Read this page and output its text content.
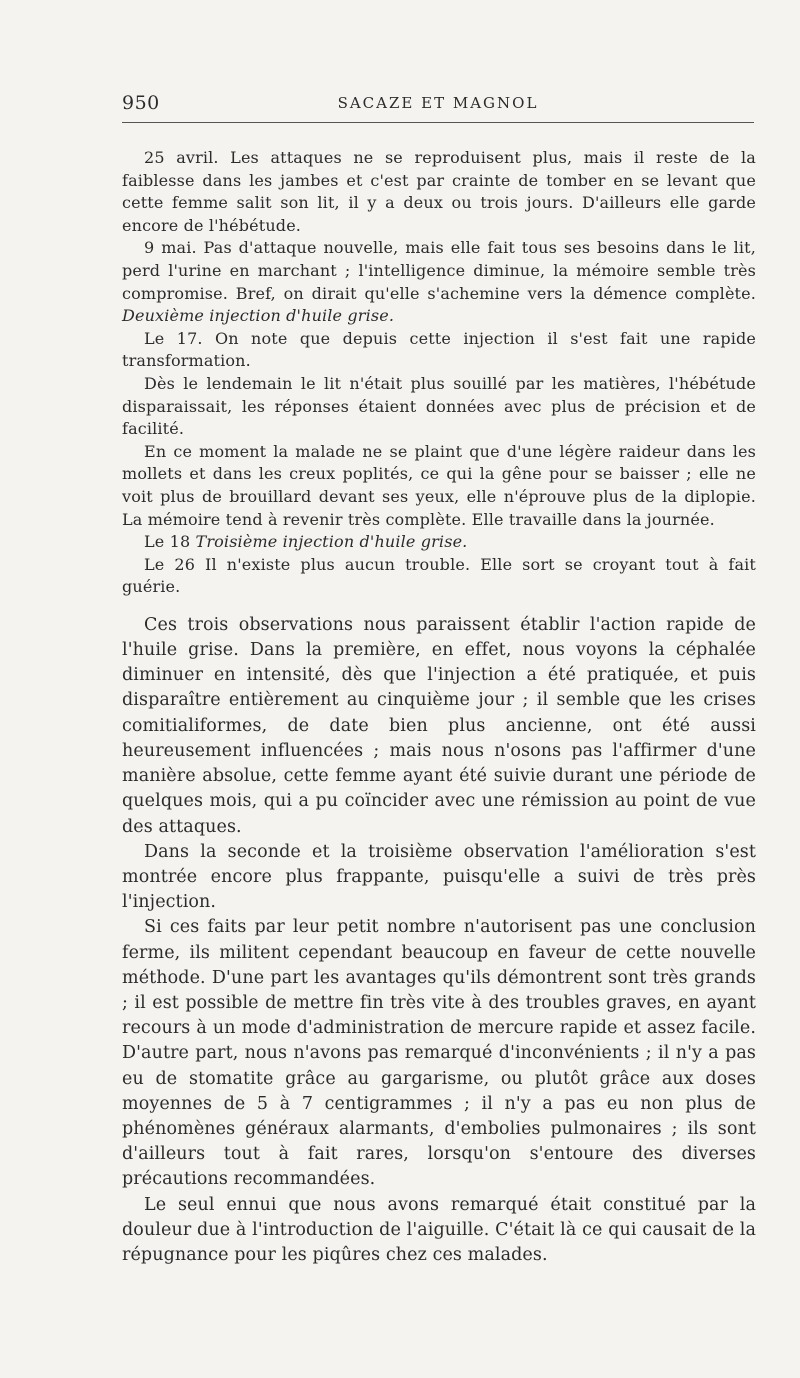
950	SACAZE ET MAGNOL

25 avril. Les attaques ne se reproduisent plus, mais il reste de la faiblesse dans les jambes et c'est par crainte de tomber en se levant que cette femme salit son lit, il y a deux ou trois jours. D'ailleurs elle garde encore de l'hébétude.

9 mai. Pas d'attaque nouvelle, mais elle fait tous ses besoins dans le lit, perd l'urine en marchant ; l'intelligence diminue, la mémoire semble très compromise. Bref, on dirait qu'elle s'achemine vers la démence complète. Deuxième injection d'huile grise.

Le 17. On note que depuis cette injection il s'est fait une rapide transformation.

Dès le lendemain le lit n'était plus souillé par les matières, l'hébétude disparaissait, les réponses étaient données avec plus de précision et de facilité.

En ce moment la malade ne se plaint que d'une légère raideur dans les mollets et dans les creux poplités, ce qui la gêne pour se baisser ; elle ne voit plus de brouillard devant ses yeux, elle n'éprouve plus de la diplopie. La mémoire tend à revenir très complète. Elle travaille dans la journée.

Le 18 Troisième injection d'huile grise.

Le 26 Il n'existe plus aucun trouble. Elle sort se croyant tout à fait guérie.

Ces trois observations nous paraissent établir l'action rapide de l'huile grise. Dans la première, en effet, nous voyons la céphalée diminuer en intensité, dès que l'injection a été pratiquée, et puis disparaître entièrement au cinquième jour ; il semble que les crises comitialiformes, de date bien plus ancienne, ont été aussi heureusement influencées ; mais nous n'osons pas l'affirmer d'une manière absolue, cette femme ayant été suivie durant une période de quelques mois, qui a pu coïncider avec une rémission au point de vue des attaques.

Dans la seconde et la troisième observation l'amélioration s'est montrée encore plus frappante, puisqu'elle a suivi de très près l'injection.

Si ces faits par leur petit nombre n'autorisent pas une conclusion ferme, ils militent cependant beaucoup en faveur de cette nouvelle méthode. D'une part les avantages qu'ils démontrent sont très grands ; il est possible de mettre fin très vite à des troubles graves, en ayant recours à un mode d'administration de mercure rapide et assez facile. D'autre part, nous n'avons pas remarqué d'inconvénients ; il n'y a pas eu de stomatite grâce au gargarisme, ou plutôt grâce aux doses moyennes de 5 à 7 centigrammes ; il n'y a pas eu non plus de phénomènes généraux alarmants, d'embolies pulmonaires ; ils sont d'ailleurs tout à fait rares, lorsqu'on s'entoure des diverses précautions recommandées.

Le seul ennui que nous avons remarqué était constitué par la douleur due à l'introduction de l'aiguille. C'était là ce qui causait de la répugnance pour les piqûres chez ces malades.
